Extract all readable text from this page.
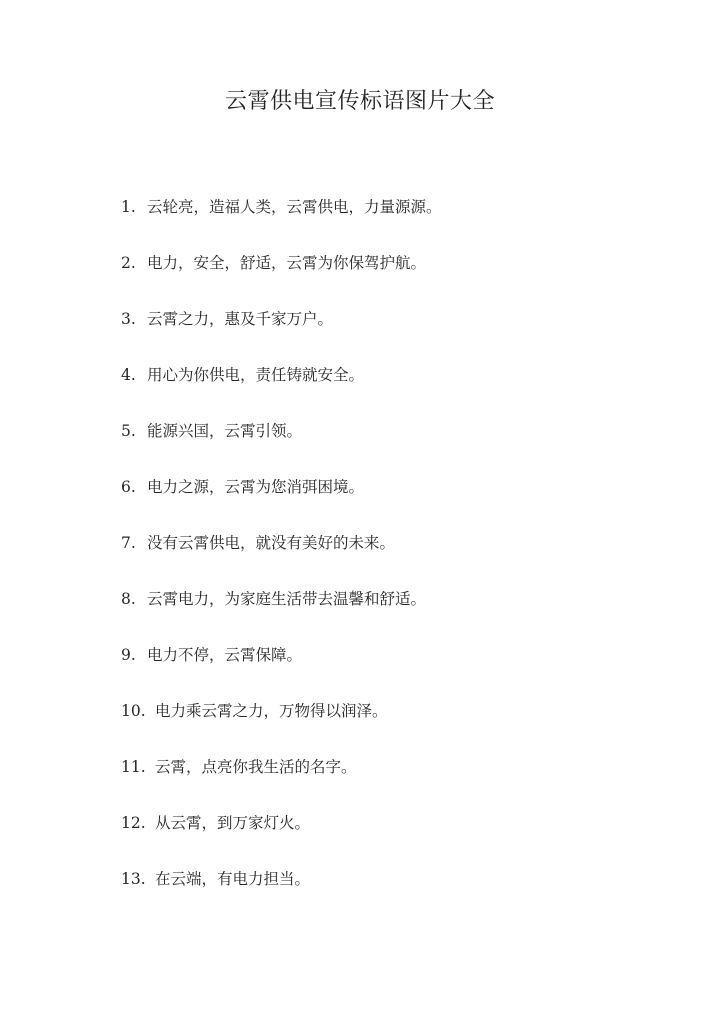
云霄供电宣传标语图片大全
1. 云轮亮，造福人类，云霄供电，力量源源。
2. 电力，安全，舒适，云霄为你保驾护航。
3. 云霄之力，惠及千家万户。
4. 用心为你供电，责任铸就安全。
5. 能源兴国，云霄引领。
6. 电力之源，云霄为您消弭困境。
7. 没有云霄供电，就没有美好的未来。
8. 云霄电力，为家庭生活带去温馨和舒适。
9. 电力不停，云霄保障。
10. 电力乘云霄之力，万物得以润泽。
11. 云霄，点亮你我生活的名字。
12. 从云霄，到万家灯火。
13. 在云端，有电力担当。
